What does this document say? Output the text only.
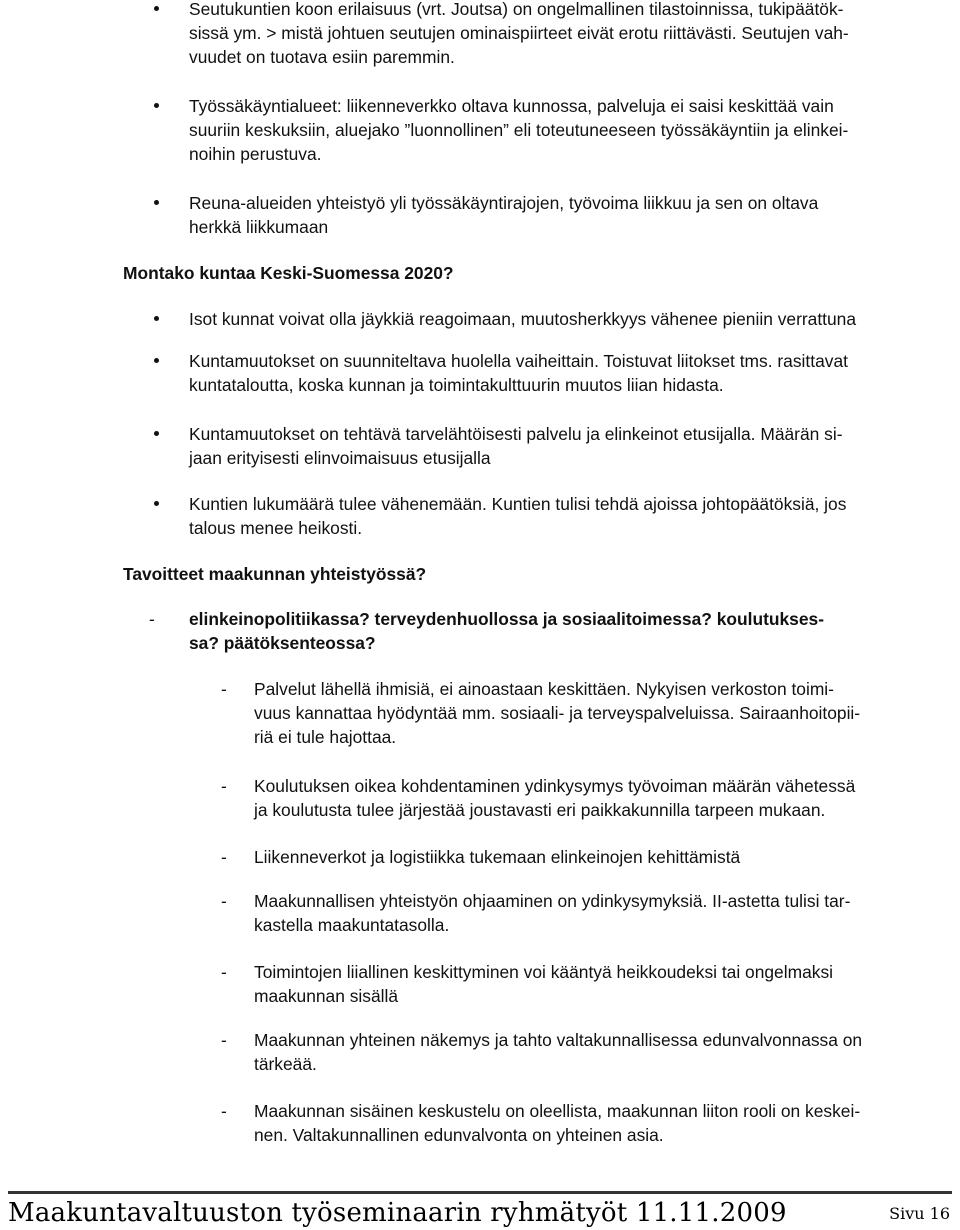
Seutukuntien koon erilaisuus (vrt. Joutsa) on ongelmallinen tilastoinnissa, tukipäätök-
sissä ym. > mistä johtuen seutujen ominaispiirteet eivät erotu riittävästi. Seutujen vah-
vuudet on tuotava esiin paremmin.
Työssäkäyntialueet: liikenneverkko oltava kunnossa, palveluja ei saisi keskittää vain
suuriin keskuksiin, aluejako ”luonnollinen” eli toteutuneeseen työssäkäyntiin ja elinkei-
noihin perustuva.
Reuna-alueiden yhteistyö yli työssäkäyntirajojen, työvoima liikkuu ja sen on oltava
herkkä liikkumaan
Montako kuntaa Keski-Suomessa 2020?
Isot kunnat voivat olla jäykkiä reagoimaan, muutosherkkyys vähenee pieniin verrattuna
Kuntamuutokset on suunniteltava huolella vaiheittain. Toistuvat liitokset tms. rasittavat
kuntataloutta, koska kunnan ja toimintakulttuurin muutos liian hidasta.
Kuntamuutokset on tehtävä tarvelähtöisesti palvelu ja elinkeinot etusijalla. Määrän si-
jaan erityisesti elinvoimaisuus etusijalla
Kuntien lukumäärä tulee vähenemään. Kuntien tulisi tehdä ajoissa johtopäätöksiä, jos
talous menee heikosti.
Tavoitteet maakunnan yhteistyössä?
- elinkeinopolitiikassa? terveydenhuollossa ja sosiaalitoimessa? koulutukses-
sa? päätöksenteossa?
- Palvelut lähellä ihmisiä, ei ainoastaan keskittäen. Nykyisen verkoston toimi-
vuus kannattaa hyödyntää mm. sosiaali- ja terveyspalveluissa. Sairaanhoitopii-
riä ei tule hajottaa.
- Koulutuksen oikea kohdentaminen ydinkysymys työvoiman määrän vähetessä
ja koulutusta tulee järjestää joustavasti eri paikkakunnilla tarpeen mukaan.
- Liikenneverkot ja logistiikka tukemaan elinkeinojen kehittämistä
- Maakunnallisen yhteistyön ohjaaminen on ydinkysymyksiä. II-astetta tulisi tar-
kastella maakuntatasolla.
- Toimintojen liiallinen keskittyminen voi kääntyä heikkoudeksi tai ongelmaksi
maakunnan sisällä
- Maakunnan yhteinen näkemys ja tahto valtakunnallisessa edunvalvonnassa on
tärkeää.
- Maakunnan sisäinen keskustelu on oleellista, maakunnan liiton rooli on keskei-
nen. Valtakunnallinen edunvalvonta on yhteinen asia.
Maakuntavaltuuston työseminaarin ryhmätyöt 11.11.2009	Sivu 16
